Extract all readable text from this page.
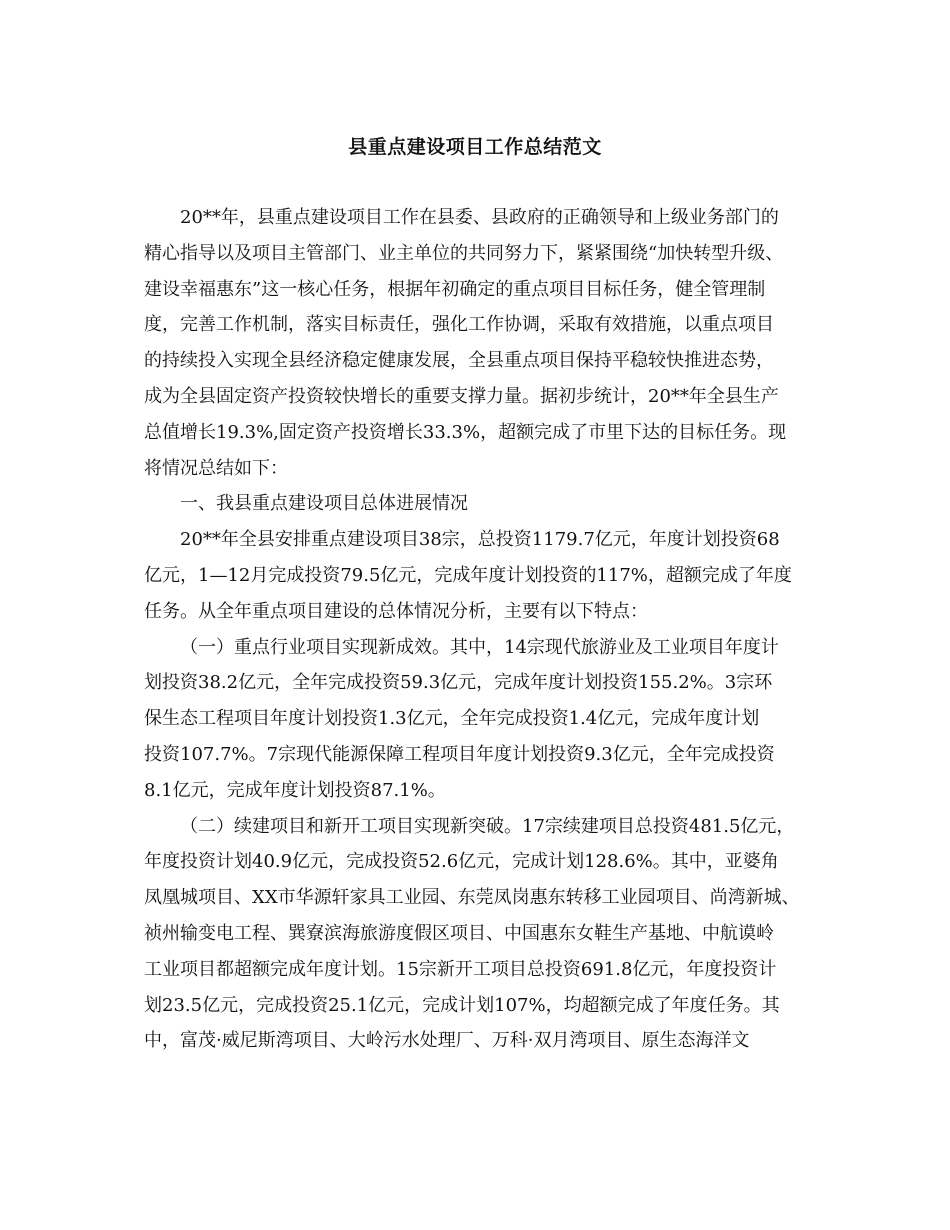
县重点建设项目工作总结范文
20**年，县重点建设项目工作在县委、县政府的正确领导和上级业务部门的
精心指导以及项目主管部门、业主单位的共同努力下，紧紧围绕“加快转型升级、
建设幸福惠东”这一核心任务，根据年初确定的重点项目目标任务，健全管理制
度，完善工作机制，落实目标责任，强化工作协调，采取有效措施，以重点项目
的持续投入实现全县经济稳定健康发展，全县重点项目保持平稳较快推进态势，
成为全县固定资产投资较快增长的重要支撑力量。据初步统计，20**年全县生产
总值增长19.3%,固定资产投资增长33.3%，超额完成了市里下达的目标任务。现
将情况总结如下：
一、我县重点建设项目总体进展情况
20**年全县安排重点建设项目38宗，总投资1179.7亿元，年度计划投资68
亿元，1—12月完成投资79.5亿元，完成年度计划投资的117%，超额完成了年度
任务。从全年重点项目建设的总体情况分析，主要有以下特点：
（一）重点行业项目实现新成效。其中，14宗现代旅游业及工业项目年度计
划投资38.2亿元，全年完成投资59.3亿元，完成年度计划投资155.2%。3宗环
保生态工程项目年度计划投资1.3亿元，全年完成投资1.4亿元，完成年度计划
投资107.7%。7宗现代能源保障工程项目年度计划投资9.3亿元，全年完成投资
8.1亿元，完成年度计划投资87.1%。
（二）续建项目和新开工项目实现新突破。17宗续建项目总投资481.5亿元，
年度投资计划40.9亿元，完成投资52.6亿元，完成计划128.6%。其中，亚婆角
凤凰城项目、XX市华源轩家具工业园、东莞凤岗惠东转移工业园项目、尚湾新城、
祯州输变电工程、巽寮滨海旅游度假区项目、中国惠东女鞋生产基地、中航谟岭
工业项目都超额完成年度计划。15宗新开工项目总投资691.8亿元，年度投资计
划23.5亿元，完成投资25.1亿元，完成计划107%，均超额完成了年度任务。其
中，富茂·威尼斯湾项目、大岭污水处理厂、万科·双月湾项目、原生态海洋文
